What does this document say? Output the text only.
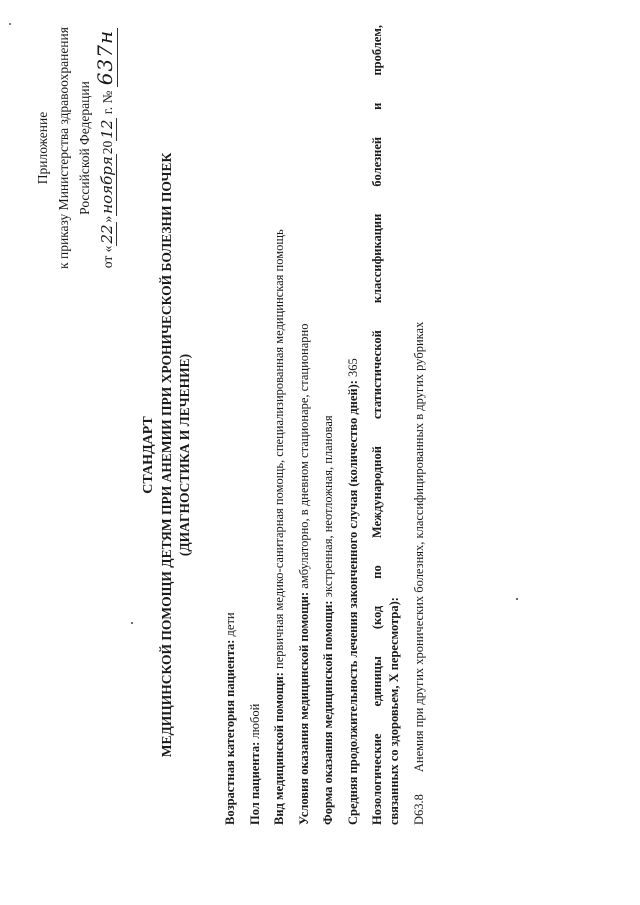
Приложение к приказу Министерства здравоохранения Российской Федерации
от «22»ноября2012 г. № 637н
СТАНДАРТ МЕДИЦИНСКОЙ ПОМОЩИ ДЕТЯМ ПРИ АНЕМИИ ПРИ ХРОНИЧЕСКОЙ БОЛЕЗНИ ПОЧЕК (ДИАГНОСТИКА И ЛЕЧЕНИЕ)
Возрастная категория пациента: дети
Пол пациента: любой Вид медицинской помощи: первичная медико-санитарная помощь, специализированная медицинская помощь
Условия оказания медицинской помощи: амбулаторно, в дневном стационаре, стационарно
Форма оказания медицинской помощи: экстренная, неотложная, плановая Средняя продолжительность лечения законченного случая (количество дней): 365 Нозологические единицы (код по Международной статистической классификации болезней и проблем, связанных со здоровьем, X пересмотра): D63.8
Анемия при других хронических болезнях, классифицированных в других рубриках
